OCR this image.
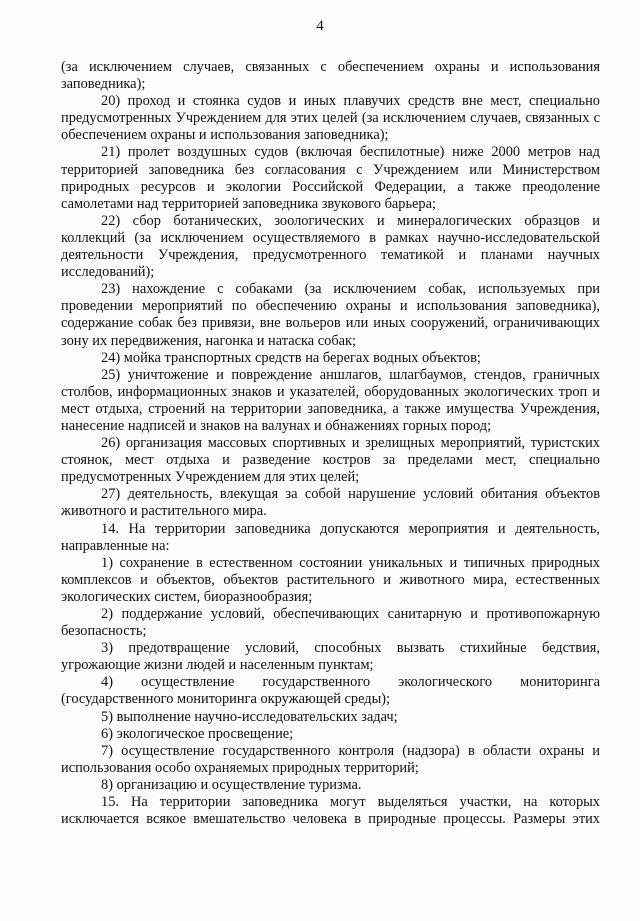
4

(за исключением случаев, связанных с обеспечением охраны и использования заповедника);

20) проход и стоянка судов и иных плавучих средств вне мест, специально предусмотренных Учреждением для этих целей (за исключением случаев, связанных с обеспечением охраны и использования заповедника);

21) пролет воздушных судов (включая беспилотные) ниже 2000 метров над территорией заповедника без согласования с Учреждением или Министерством природных ресурсов и экологии Российской Федерации, а также преодоление самолетами над территорией заповедника звукового барьера;

22) сбор ботанических, зоологических и минералогических образцов и коллекций (за исключением осуществляемого в рамках научно-исследовательской деятельности Учреждения, предусмотренного тематикой и планами научных исследований);

23) нахождение с собаками (за исключением собак, используемых при проведении мероприятий по обеспечению охраны и использования заповедника), содержание собак без привязи, вне вольеров или иных сооружений, ограничивающих зону их передвижения, нагонка и натаска собак;

24) мойка транспортных средств на берегах водных объектов;

25) уничтожение и повреждение аншлагов, шлагбаумов, стендов, граничных столбов, информационных знаков и указателей, оборудованных экологических троп и мест отдыха, строений на территории заповедника, а также имущества Учреждения, нанесение надписей и знаков на валунах и обнажениях горных пород;

26) организация массовых спортивных и зрелищных мероприятий, туристских стоянок, мест отдыха и разведение костров за пределами мест, специально предусмотренных Учреждением для этих целей;

27) деятельность, влекущая за собой нарушение условий обитания объектов животного и растительного мира.

14. На территории заповедника допускаются мероприятия и деятельность, направленные на:

1) сохранение в естественном состоянии уникальных и типичных природных комплексов и объектов, объектов растительного и животного мира, естественных экологических систем, биоразнообразия;

2) поддержание условий, обеспечивающих санитарную и противопожарную безопасность;

3) предотвращение условий, способных вызвать стихийные бедствия, угрожающие жизни людей и населенным пунктам;

4) осуществление государственного экологического мониторинга (государственного мониторинга окружающей среды);

5) выполнение научно-исследовательских задач;

6) экологическое просвещение;

7) осуществление государственного контроля (надзора) в области охраны и использования особо охраняемых природных территорий;

8) организацию и осуществление туризма.

15. На территории заповедника могут выделяться участки, на которых исключается всякое вмешательство человека в природные процессы. Размеры этих
